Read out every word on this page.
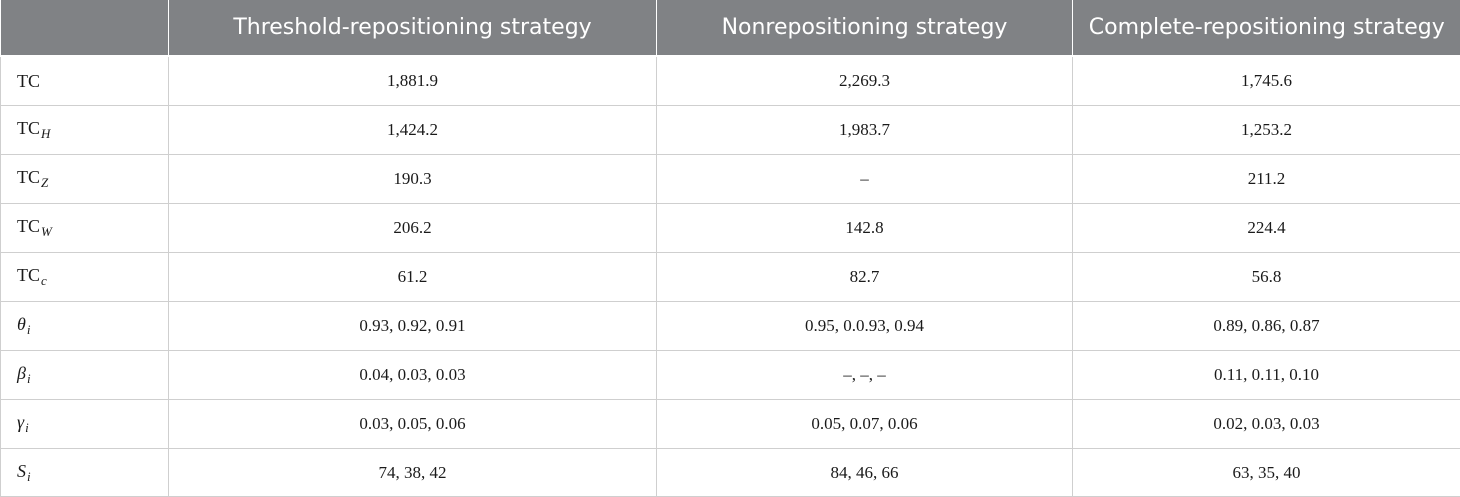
	Threshold-repositioning strategy	Nonrepositioning strategy	Complete-repositioning strategy
TC	1,881.9	2,269.3	1,745.6
$TC_H$	1,424.2	1,983.7	1,253.2
$TC_Z$	190.3	–	211.2
$TC_W$	206.2	142.8	224.4
$TC_c$	61.2	82.7	56.8
$\theta_i$	0.93, 0.92, 0.91	0.95, 0.0.93, 0.94	0.89, 0.86, 0.87
$\beta_i$	0.04, 0.03, 0.03	–, –, –	0.11, 0.11, 0.10
$\gamma_i$	0.03, 0.05, 0.06	0.05, 0.07, 0.06	0.02, 0.03, 0.03
$S_i$	74, 38, 42	84, 46, 66	63, 35, 40
